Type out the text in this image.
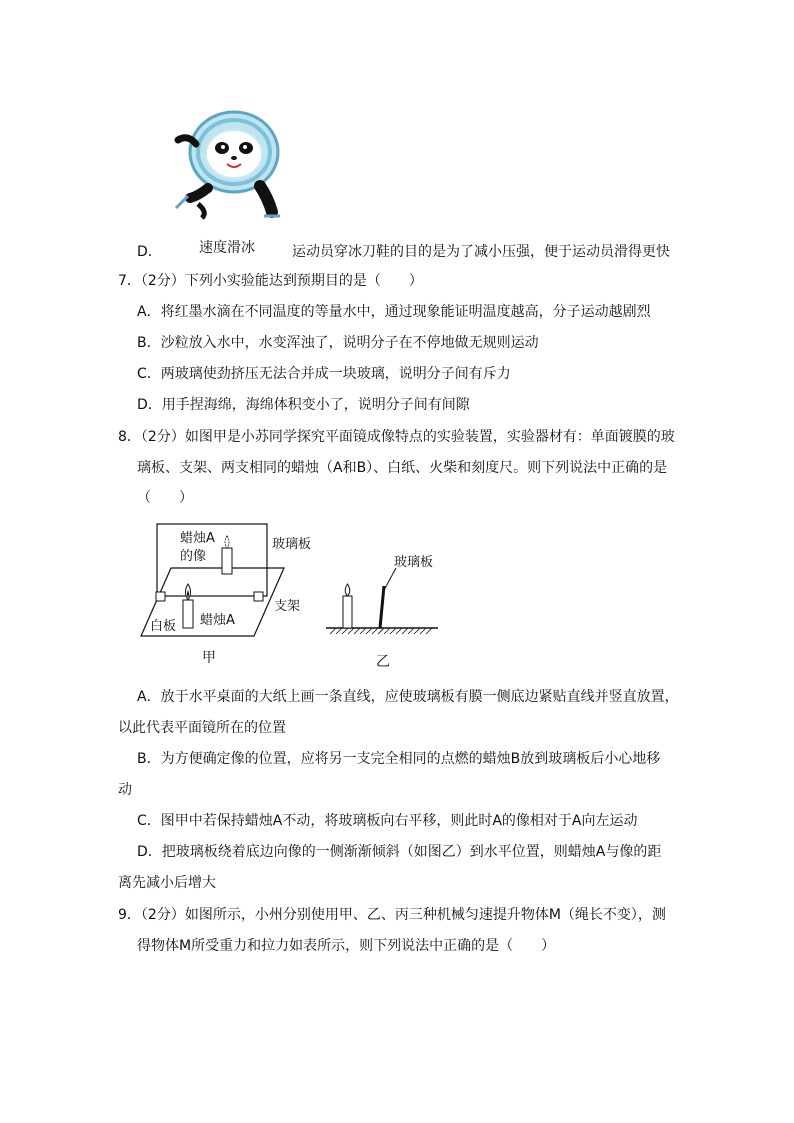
D．	速度滑冰	运动员穿冰刀鞋的目的是为了减小压强，便于运动员滑得更快
7．（2分）下列小实验能达到预期目的是（　　）
A．将红墨水滴在不同温度的等量水中，通过现象能证明温度越高，分子运动越剧烈
B．沙粒放入水中，水变浑浊了，说明分子在不停地做无规则运动
C．两玻璃使劲挤压无法合并成一块玻璃，说明分子间有斥力
D．用手捏海绵，海绵体积变小了，说明分子间有间隙
8．（2分）如图甲是小苏同学探究平面镜成像特点的实验装置，实验器材有：单面镀膜的玻
璃板、支架、两支相同的蜡烛（A和B）、白纸、火柴和刻度尺。则下列说法中正确的是
（　　）
蜡烛A
的像
玻璃板
支架
白板 蜡烛A
甲
玻璃板
乙
A．放于水平桌面的大纸上画一条直线，应使玻璃板有膜一侧底边紧贴直线并竖直放置，
以此代表平面镜所在的位置
B．为方便确定像的位置，应将另一支完全相同的点燃的蜡烛B放到玻璃板后小心地移
动
C．图甲中若保持蜡烛A不动，将玻璃板向右平移，则此时A的像相对于A向左运动
D．把玻璃板绕着底边向像的一侧渐渐倾斜（如图乙）到水平位置，则蜡烛A与像的距
离先减小后增大
9．（2分）如图所示，小州分别使用甲、乙、丙三种机械匀速提升物体M（绳长不变），测
得物体M所受重力和拉力如表所示，则下列说法中正确的是（　　）
